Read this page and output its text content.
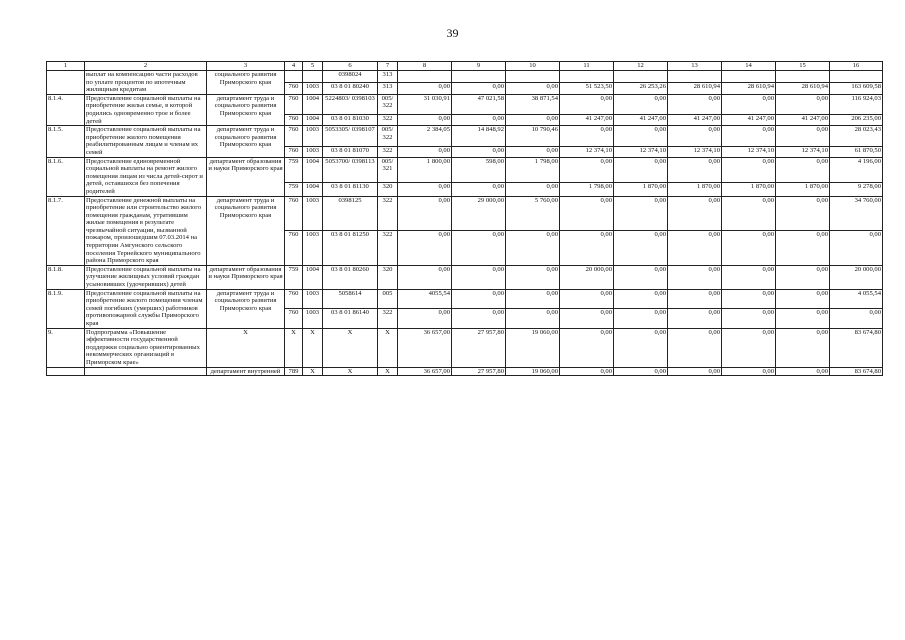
39
1	2	3	4	5	6	7	8	9	10	11	12	13	14	15	16
	выплат на компенсацию части расходов по уплате процентов по ипотечным жилищным кредитам	социального развития Приморского края			0398024	313									
			760	1003	03 8 01 80240	313	0,00	0,00	0,00	51 523,50	26 253,26	28 610,94	28 610,94	28 610,94	163 609,58
8.1.4.	Предоставление социальной выплаты на приобретение жилья семье, в которой родились одновременно трое и более детей	департамент труда и социального развития Приморского края	760	1004	5224803/ 0398103	005/ 322	31 030,91	47 021,58	38 871,54	0,00	0,00	0,00	0,00	0,00	116 924,03
			760	1004	03 8 01 81030	322	0,00	0,00	0,00	41 247,00	41 247,00	41 247,00	41 247,00	41 247,00	206 235,00
8.1.5.	Предоставление социальной выплаты на приобретение жилого помещения реабилитированным лицам и членам их семей	департамент труда и социального развития Приморского края	760	1003	5053305/ 0398107	005/ 322	2 384,05	14 848,92	10 790,46	0,00	0,00	0,00	0,00	0,00	28 023,43
			760	1003	03 8 01 81070	322	0,00	0,00	0,00	12 374,10	12 374,10	12 374,10	12 374,10	12 374,10	61 870,50
8.1.6.	Предоставление единовременной социальной выплаты на ремонт жилого помещения лицам из числа детей-сирот и детей, оставшихся без попечения родителей	департамент образования и науки Приморского края	759	1004	5053700/ 0398113	005/ 321	1 800,00	598,00	1 798,00	0,00	0,00	0,00	0,00	0,00	4 196,00
			759	1004	03 8 01 81130	320	0,00	0,00	0,00	1 798,00	1 870,00	1 870,00	1 870,00	1 870,00	9 278,00
8.1.7.	Предоставление денежной выплаты на приобретение или строительство жилого помещения гражданам, утратившим жилые помещения в результате чрезвычайной ситуации, вызванной пожаром, произошедшим 07.03.2014 на территории Амгунского сельского поселения Тернейского муниципального района Приморского края	департамент труда и социального развития Приморского края	760	1003	0398125	322	0,00	29 000,00	5 760,00	0,00	0,00	0,00	0,00	0,00	34 760,00
			760	1003	03 8 01 81250	322	0,00	0,00	0,00	0,00	0,00	0,00	0,00	0,00	0,00
8.1.8.	Предоставление социальной выплаты на улучшение жилищных условий граждан усыновивших (удочеривших) детей	департамент образования и науки Приморского края	759	1004	03 8 01 80260	320	0,00	0,00	0,00	20 000,00	0,00	0,00	0,00	0,00	20 000,00
8.1.9.	Предоставление социальной выплаты на приобретение жилого помещения членам семей погибших (умерших) работников противопожарной службы Приморского края	департамент труда и социального развития Приморского края	760	1003	5058614	005	4055,54	0,00	0,00	0,00	0,00	0,00	0,00	0,00	4 055,54
			760	1003	03 8 01 86140	322	0,00	0,00	0,00	0,00	0,00	0,00	0,00	0,00	0,00
9.	Подпрограмма «Повышение эффективности государственной поддержки социально ориентированных некоммерческих организаций в Приморском крае»	X	X	X	X	X	36 657,00	27 957,80	19 060,00	0,00	0,00	0,00	0,00	0,00	83 674,80
		департамент внутренней	789	X	X	X	36 657,00	27 957,80	19 060,00	0,00	0,00	0,00	0,00	0,00	83 674,80
